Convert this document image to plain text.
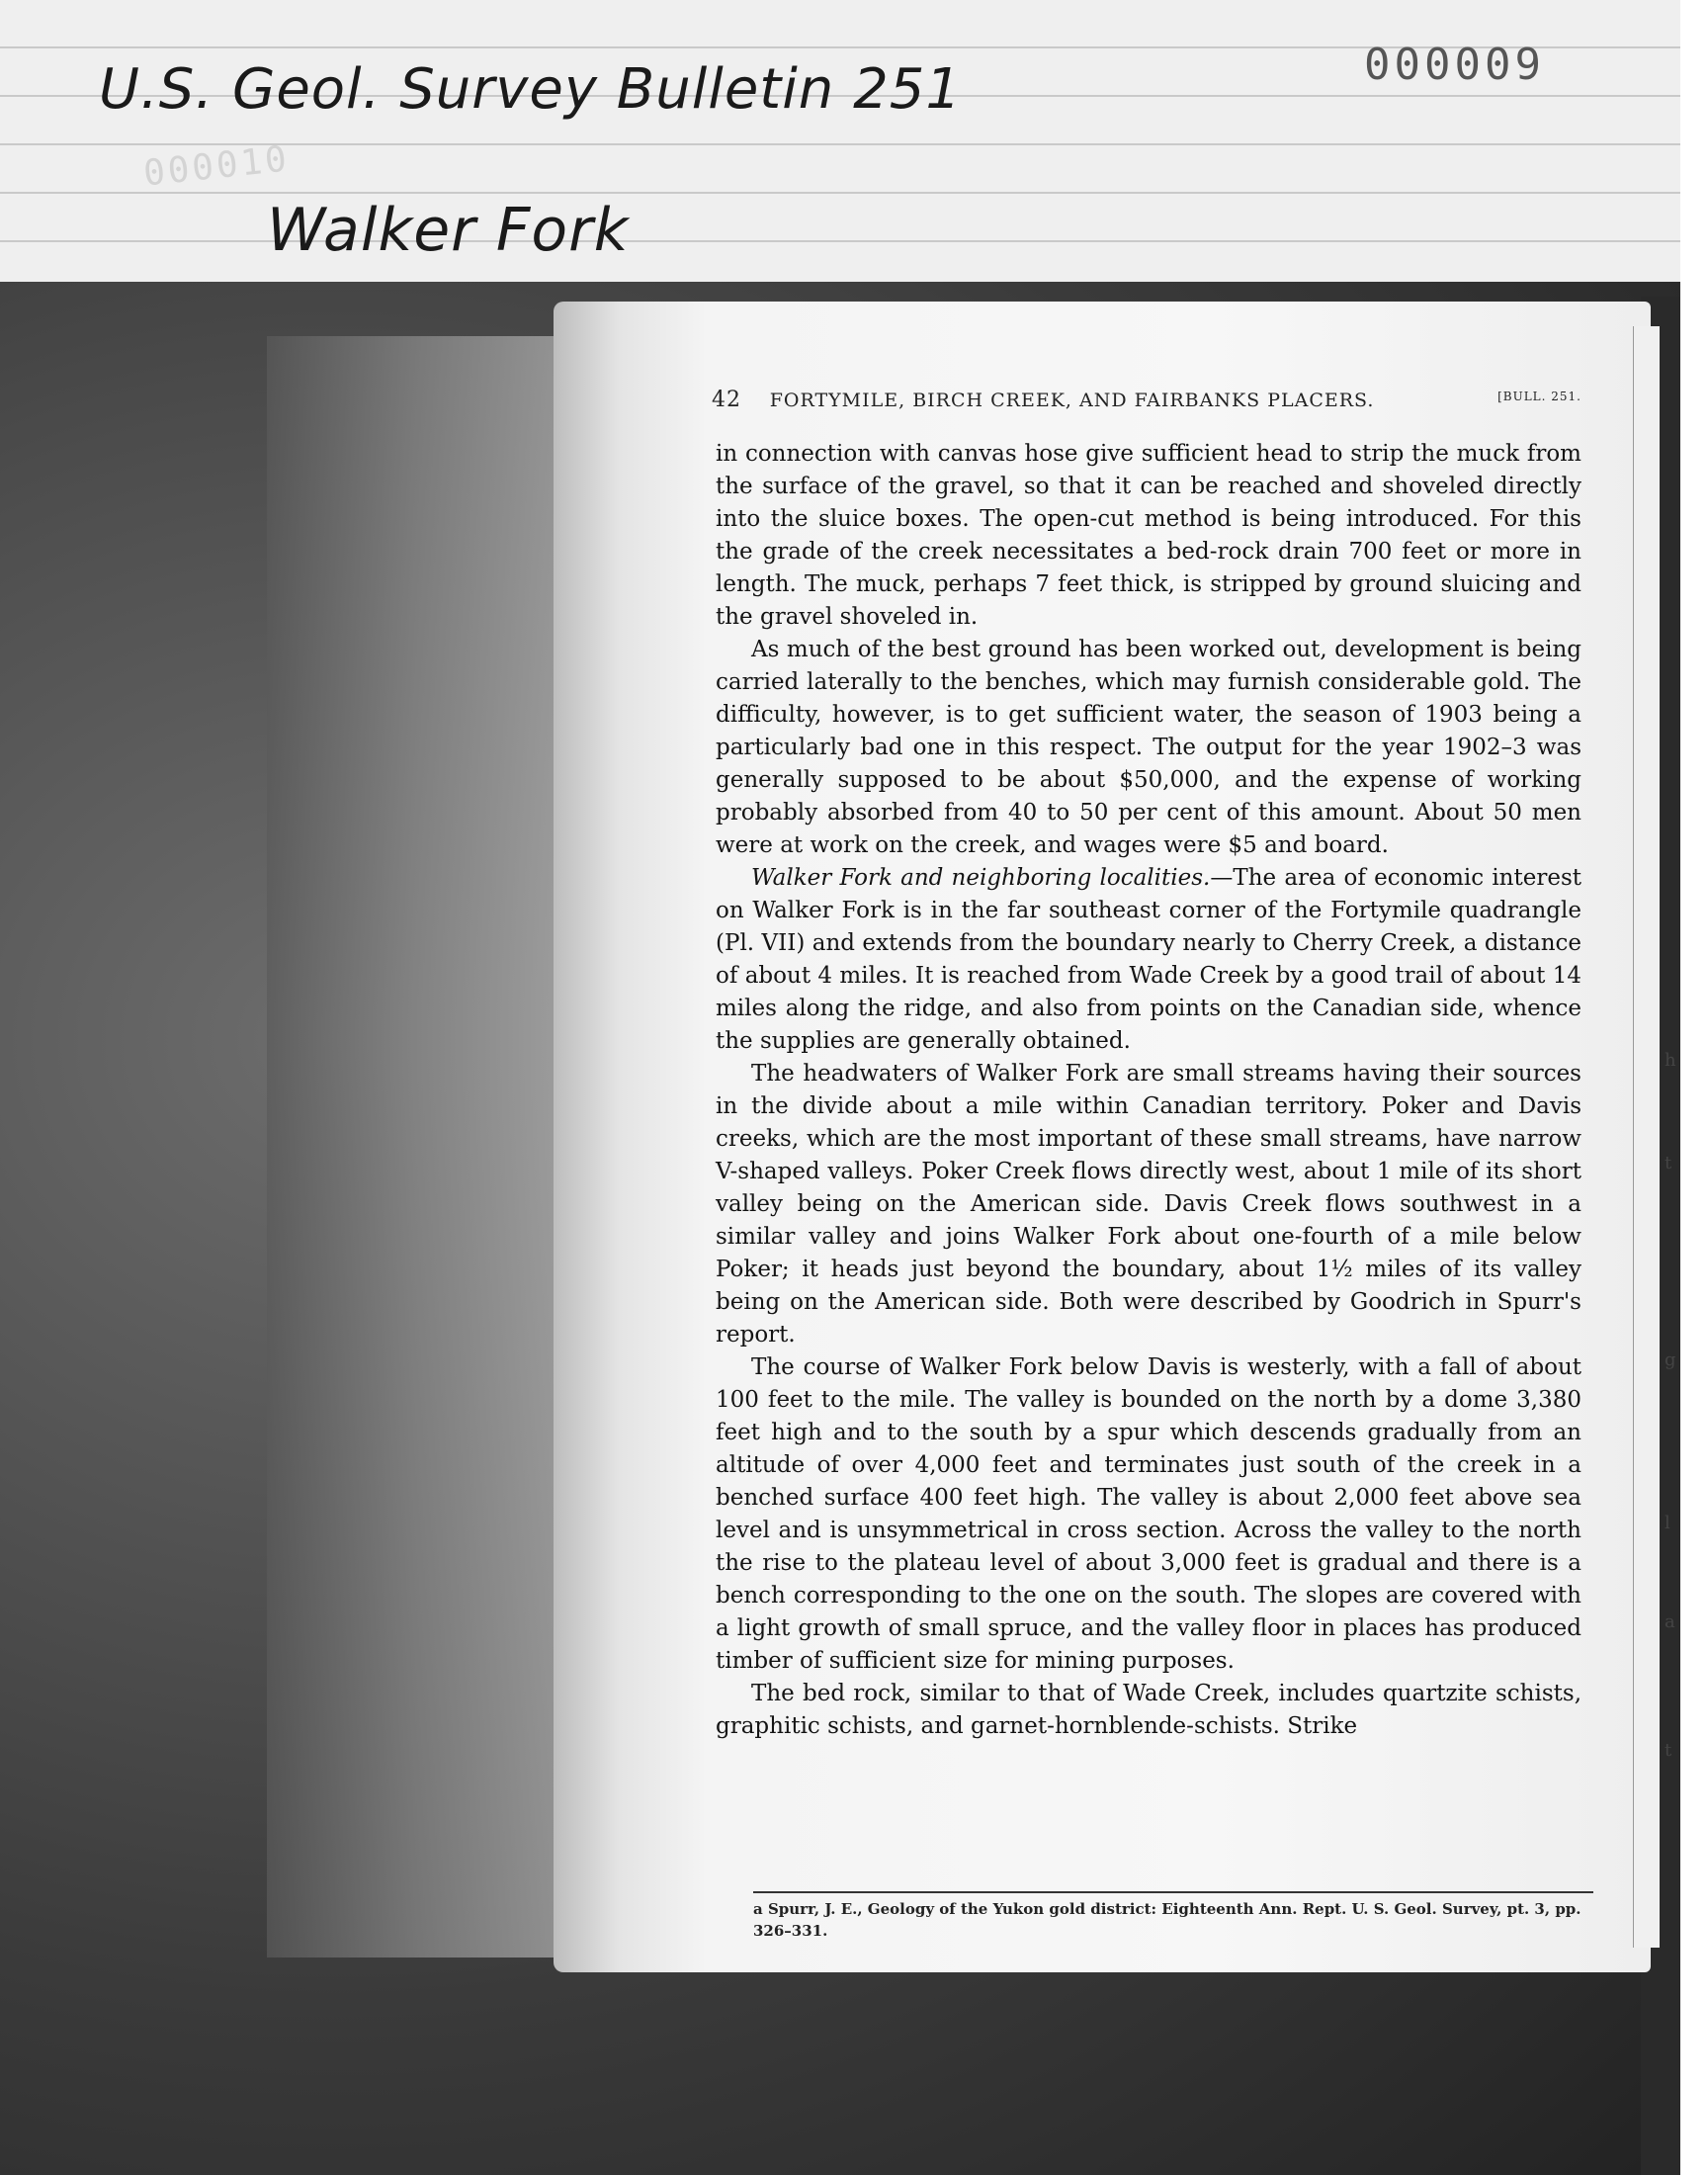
U.S. Geol. Survey Bulletin 251
Walker Fork
000009
000010
42 FORTYMILE, BIRCH CREEK, AND FAIRBANKS PLACERS.	[BULL. 251.

in connection with canvas hose give sufficient head to strip the muck from the surface of the gravel, so that it can be reached and shoveled directly into the sluice boxes. The open-cut method is being introduced. For this the grade of the creek necessitates a bed-rock drain 700 feet or more in length. The muck, perhaps 7 feet thick, is stripped by ground sluicing and the gravel shoveled in.

As much of the best ground has been worked out, development is being carried laterally to the benches, which may furnish considerable gold. The difficulty, however, is to get sufficient water, the season of 1903 being a particularly bad one in this respect. The output for the year 1902–3 was generally supposed to be about $50,000, and the expense of working probably absorbed from 40 to 50 per cent of this amount. About 50 men were at work on the creek, and wages were $5 and board.

Walker Fork and neighboring localities.—The area of economic interest on Walker Fork is in the far southeast corner of the Fortymile quadrangle (Pl. VII) and extends from the boundary nearly to Cherry Creek, a distance of about 4 miles. It is reached from Wade Creek by a good trail of about 14 miles along the ridge, and also from points on the Canadian side, whence the supplies are generally obtained.

The headwaters of Walker Fork are small streams having their sources in the divide about a mile within Canadian territory. Poker and Davis creeks, which are the most important of these small streams, have narrow V-shaped valleys. Poker Creek flows directly west, about 1 mile of its short valley being on the American side. Davis Creek flows southwest in a similar valley and joins Walker Fork about one-fourth of a mile below Poker; it heads just beyond the boundary, about 1½ miles of its valley being on the American side. Both were described by Goodrich in Spurr's report.

The course of Walker Fork below Davis is westerly, with a fall of about 100 feet to the mile. The valley is bounded on the north by a dome 3,380 feet high and to the south by a spur which descends gradually from an altitude of over 4,000 feet and terminates just south of the creek in a benched surface 400 feet high. The valley is about 2,000 feet above sea level and is unsymmetrical in cross section. Across the valley to the north the rise to the plateau level of about 3,000 feet is gradual and there is a bench corresponding to the one on the south. The slopes are covered with a light growth of small spruce, and the valley floor in places has produced timber of sufficient size for mining purposes.

The bed rock, similar to that of Wade Creek, includes quartzite schists, graphitic schists, and garnet-hornblende-schists. Strike

a Spurr, J. E., Geology of the Yukon gold district: Eighteenth Ann. Rept. U. S. Geol. Survey, pt. 3, pp. 326–331.
h
t
l
g
a
t
